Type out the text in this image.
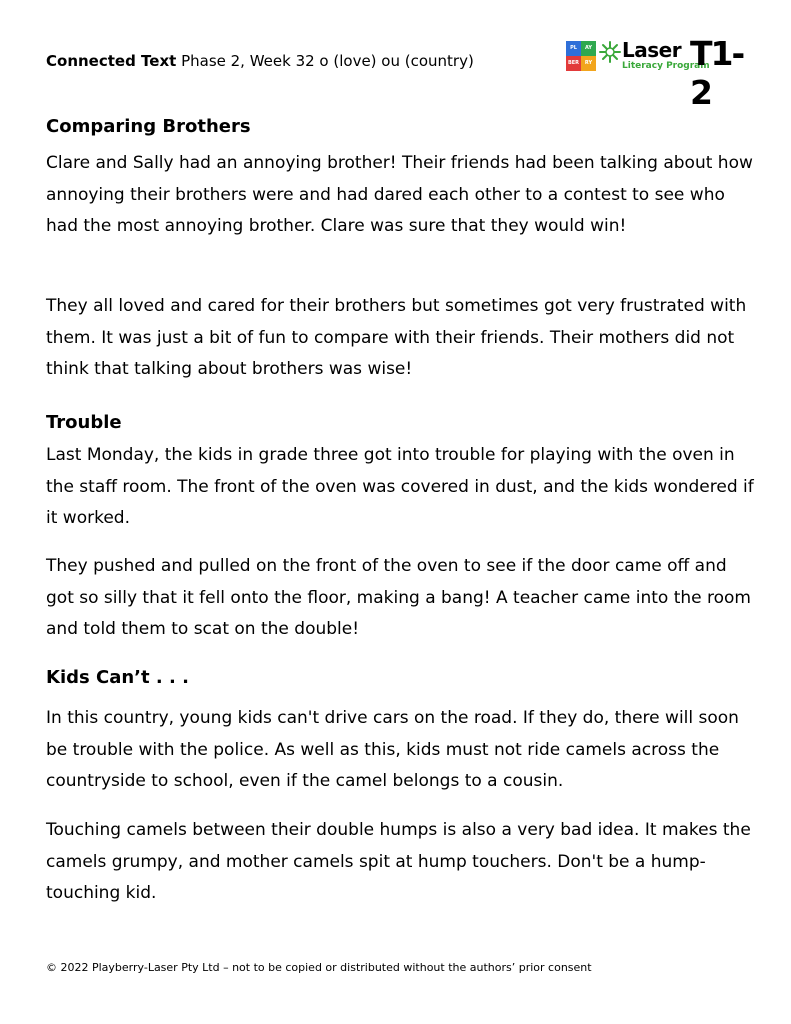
Connected Text Phase 2, Week 32 o (love) ou (country)
PL	AY
BER	RY
Laser
Literacy Program
T1-2
Comparing Brothers

Clare and Sally had an annoying brother! Their friends had been talking about how annoying their brothers were and had dared each other to a contest to see who had the most annoying brother. Clare was sure that they would win!

They all loved and cared for their brothers but sometimes got very frustrated with them. It was just a bit of fun to compare with their friends. Their mothers did not think that talking about brothers was wise!

Trouble

Last Monday, the kids in grade three got into trouble for playing with the oven in the staff room. The front of the oven was covered in dust, and the kids wondered if it worked.

They pushed and pulled on the front of the oven to see if the door came off and got so silly that it fell onto the floor, making a bang! A teacher came into the room and told them to scat on the double!

Kids Can’t . . .

In this country, young kids can't drive cars on the road. If they do, there will soon be trouble with the police. As well as this, kids must not ride camels across the countryside to school, even if the camel belongs to a cousin.

Touching camels between their double humps is also a very bad idea. It makes the camels grumpy, and mother camels spit at hump touchers. Don't be a hump-touching kid.

© 2022 Playberry-Laser Pty Ltd – not to be copied or distributed without the authors’ prior consent
